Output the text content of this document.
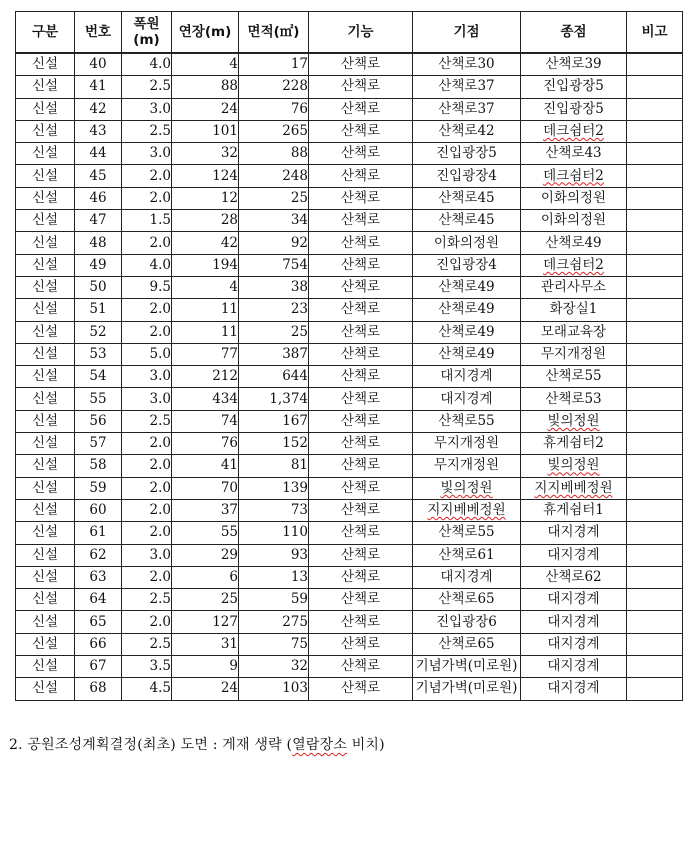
구분	번호	폭원
(m)	연장(m)	면적(㎡)	기능	기점	종점	비고
신설	40	4.0	4	17	산책로	산책로30	산책로39	
신설	41	2.5	88	228	산책로	산책로37	진입광장5	
신설	42	3.0	24	76	산책로	산책로37	진입광장5	
신설	43	2.5	101	265	산책로	산책로42	데크쉼터2	
신설	44	3.0	32	88	산책로	진입광장5	산책로43	
신설	45	2.0	124	248	산책로	진입광장4	데크쉼터2	
신설	46	2.0	12	25	산책로	산책로45	이화의정원	
신설	47	1.5	28	34	산책로	산책로45	이화의정원	
신설	48	2.0	42	92	산책로	이화의정원	산책로49	
신설	49	4.0	194	754	산책로	진입광장4	데크쉼터2	
신설	50	9.5	4	38	산책로	산책로49	관리사무소	
신설	51	2.0	11	23	산책로	산책로49	화장실1	
신설	52	2.0	11	25	산책로	산책로49	모래교육장	
신설	53	5.0	77	387	산책로	산책로49	무지개정원	
신설	54	3.0	212	644	산책로	대지경계	산책로55	
신설	55	3.0	434	1,374	산책로	대지경계	산책로53	
신설	56	2.5	74	167	산책로	산책로55	빛의정원	
신설	57	2.0	76	152	산책로	무지개정원	휴게쉼터2	
신설	58	2.0	41	81	산책로	무지개정원	빛의정원	
신설	59	2.0	70	139	산책로	빛의정원	지지베베정원	
신설	60	2.0	37	73	산책로	지지베베정원	휴게쉼터1	
신설	61	2.0	55	110	산책로	산책로55	대지경계	
신설	62	3.0	29	93	산책로	산책로61	대지경계	
신설	63	2.0	6	13	산책로	대지경계	산책로62	
신설	64	2.5	25	59	산책로	산책로65	대지경계	
신설	65	2.0	127	275	산책로	진입광장6	대지경계	
신설	66	2.5	31	75	산책로	산책로65	대지경계	
신설	67	3.5	9	32	산책로	기념가벽(미로원)	대지경계	
신설	68	4.5	24	103	산책로	기념가벽(미로원)	대지경계	
2. 공원조성계획결정(최초) 도면 : 게재 생략 (열람장소 비치)
